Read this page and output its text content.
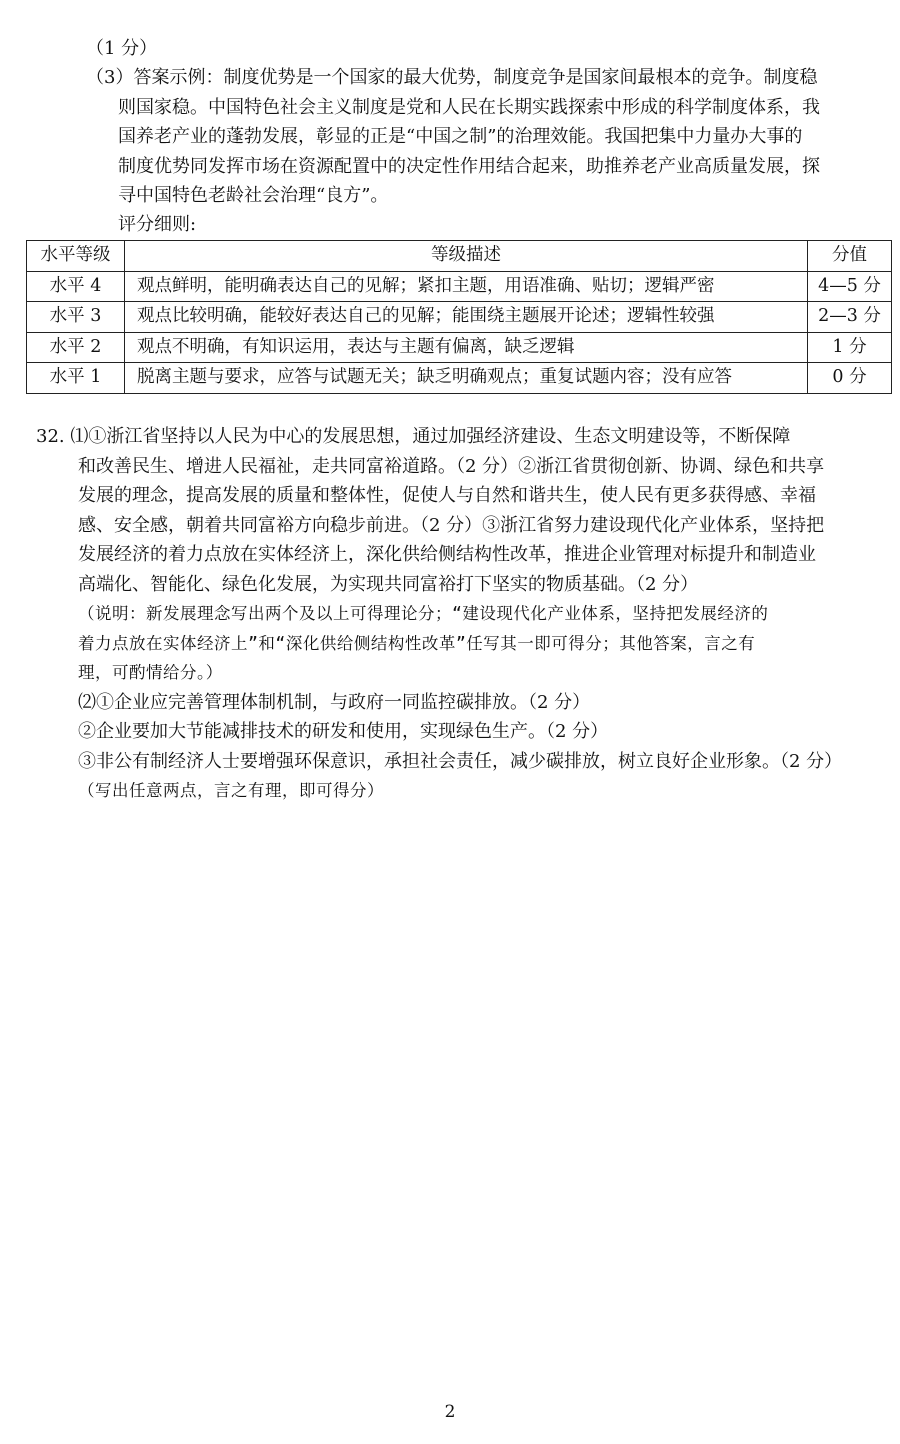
（1 分）
（3）答案示例：制度优势是一个国家的最大优势，制度竞争是国家间最根本的竞争。制度稳
则国家稳。中国特色社会主义制度是党和人民在长期实践探索中形成的科学制度体系，我
国养老产业的蓬勃发展，彰显的正是“中国之制”的治理效能。我国把集中力量办大事的
制度优势同发挥市场在资源配置中的决定性作用结合起来，助推养老产业高质量发展，探
寻中国特色老龄社会治理“良方”。
评分细则:
水平等级	等级描述	分值
水平 4	观点鲜明，能明确表达自己的见解；紧扣主题，用语准确、贴切；逻辑严密	4—5 分
水平 3	观点比较明确，能较好表达自己的见解；能围绕主题展开论述；逻辑性较强	2—3 分
水平 2	观点不明确，有知识运用，表达与主题有偏离，缺乏逻辑	1 分
水平 1	脱离主题与要求，应答与试题无关；缺乏明确观点；重复试题内容；没有应答	0 分
32. ⑴①浙江省坚持以人民为中心的发展思想，通过加强经济建设、生态文明建设等，不断保障
和改善民生、增进人民福祉，走共同富裕道路。（2 分）②浙江省贯彻创新、协调、绿色和共享
发展的理念，提高发展的质量和整体性，促使人与自然和谐共生，使人民有更多获得感、幸福
感、安全感，朝着共同富裕方向稳步前进。（2 分）③浙江省努力建设现代化产业体系，坚持把
发展经济的着力点放在实体经济上，深化供给侧结构性改革，推进企业管理对标提升和制造业
高端化、智能化、绿色化发展，为实现共同富裕打下坚实的物质基础。（2 分）
（说明：新发展理念写出两个及以上可得理论分；“建设现代化产业体系，坚持把发展经济的
着力点放在实体经济上”和“深化供给侧结构性改革”任写其一即可得分；其他答案，言之有
理，可酌情给分。）
⑵①企业应完善管理体制机制，与政府一同监控碳排放。（2 分）
②企业要加大节能减排技术的研发和使用，实现绿色生产。（2 分）
③非公有制经济人士要增强环保意识，承担社会责任，减少碳排放，树立良好企业形象。（2 分）
（写出任意两点，言之有理，即可得分）
2
